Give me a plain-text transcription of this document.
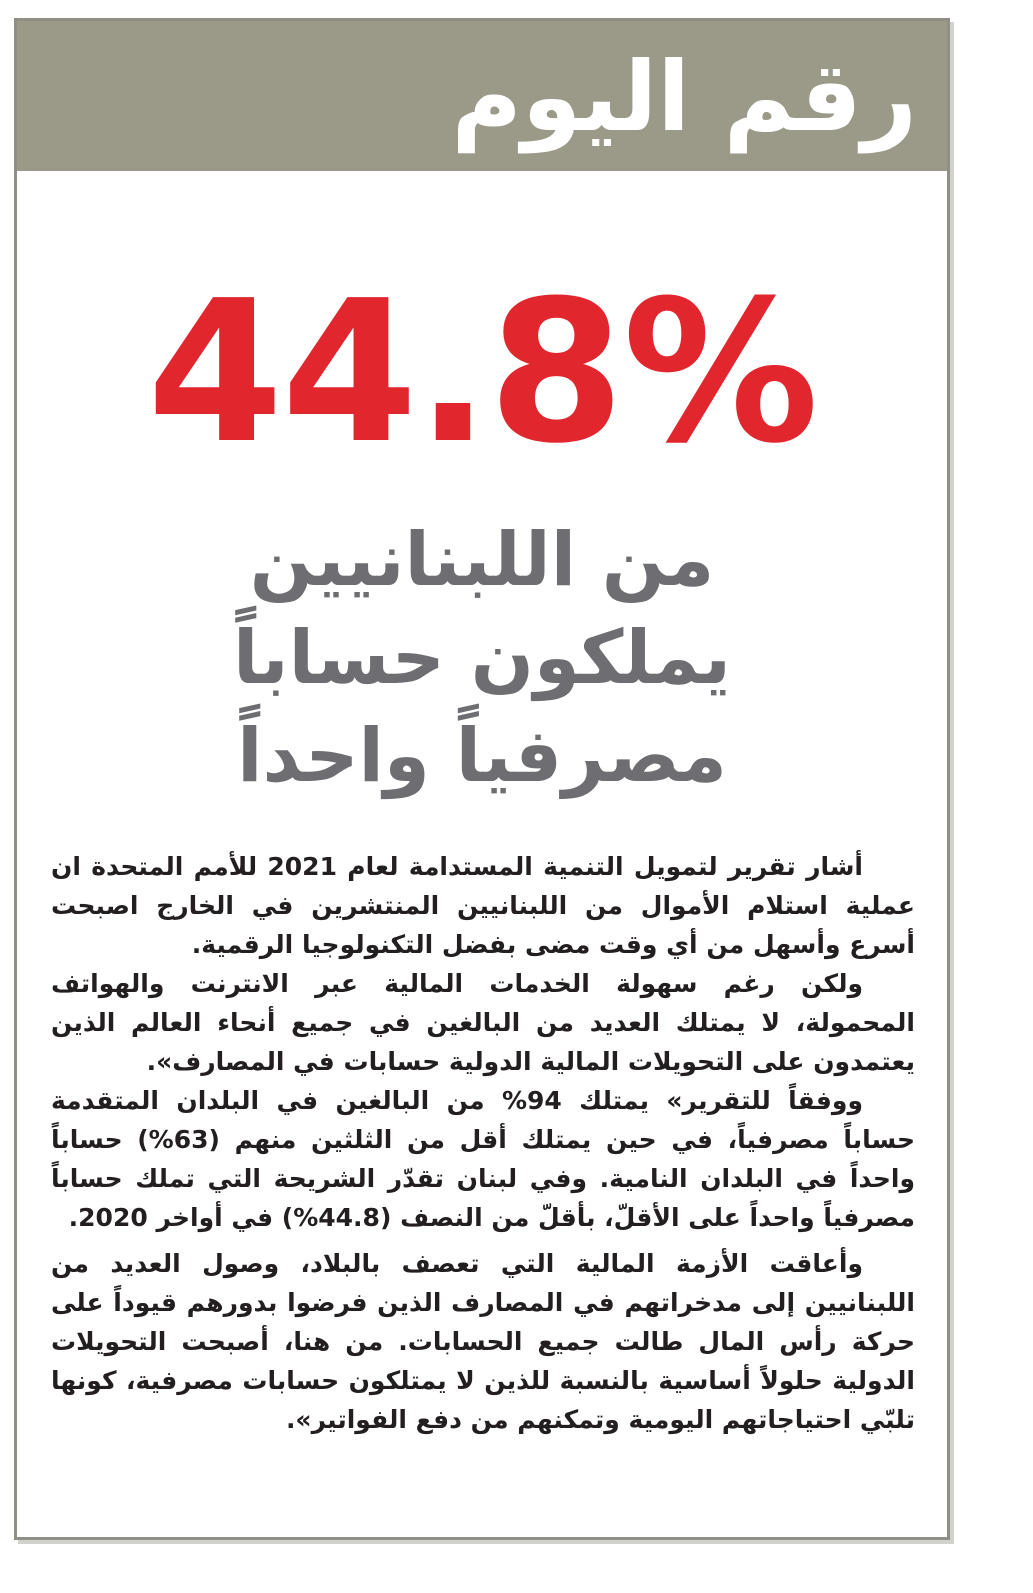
رقم اليوم
44.8%
من اللبنانيين
يملكون حساباً
مصرفياً واحداً

أشار تقرير لتمويل التنمية المستدامة لعام 2021 للأمم المتحدة ان عملية استلام الأموال من اللبنانيين المنتشرين في الخارج اصبحت أسرع وأسهل من أي وقت مضى بفضل التكنولوجيا الرقمية.

ولكن رغم سهولة الخدمات المالية عبر الانترنت والهواتف المحمولة، لا يمتلك العديد من البالغين في جميع أنحاء العالم الذين يعتمدون على التحويلات المالية الدولية حسابات في المصارف».

ووفقاً للتقرير» يمتلك 94% من البالغين في البلدان المتقدمة حساباً مصرفياً، في حين يمتلك أقل من الثلثين منهم (63%) حساباً واحداً في البلدان النامية. وفي لبنان تقدّر الشريحة التي تملك حساباً مصرفياً واحداً على الأقلّ، بأقلّ من النصف (44.8%) في أواخر 2020.

وأعاقت الأزمة المالية التي تعصف بالبلاد، وصول العديد من اللبنانيين إلى مدخراتهم في المصارف الذين فرضوا بدورهم قيوداً على حركة رأس المال طالت جميع الحسابات. من هنا، أصبحت التحويلات الدولية حلولاً أساسية بالنسبة للذين لا يمتلكون حسابات مصرفية، كونها تلبّي احتياجاتهم اليومية وتمكنهم من دفع الفواتير».
